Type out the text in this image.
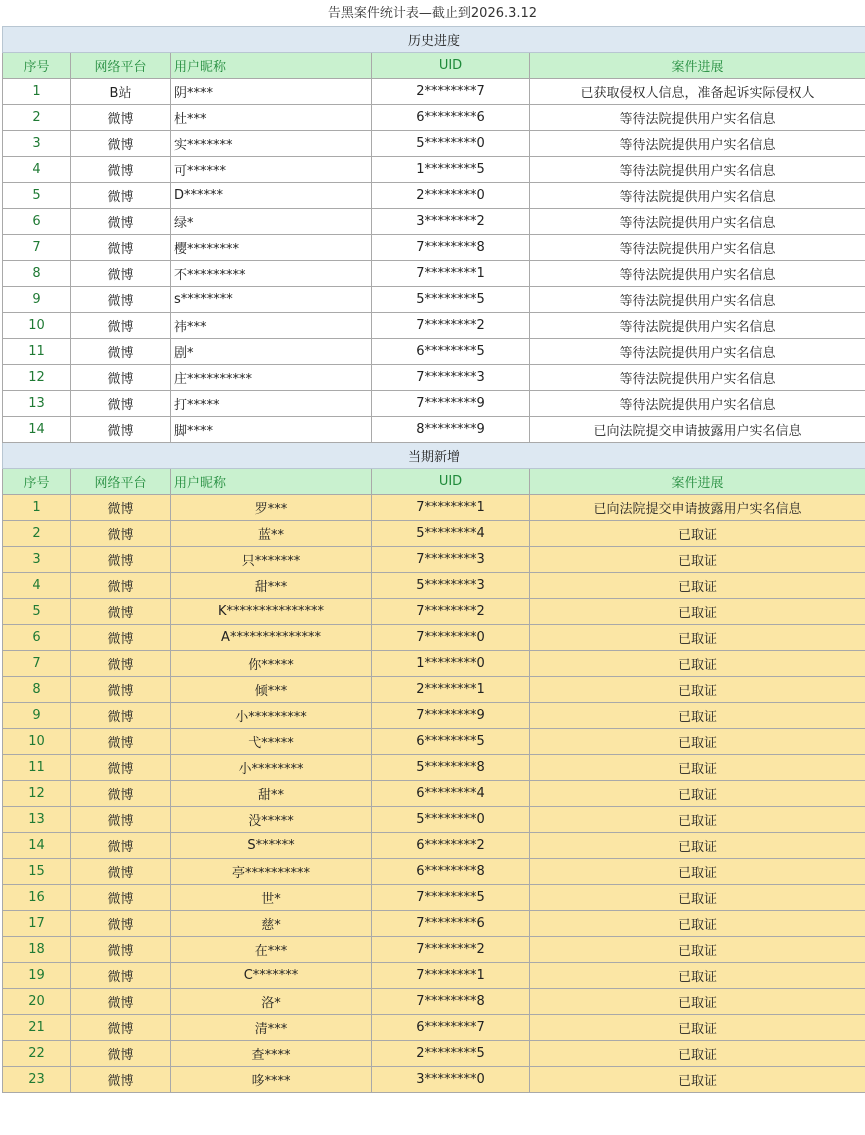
告黑案件统计表—截止到2026.3.12
历史进度				
序号	网络平台	用户昵称	UID	案件进展
1	B站	阴****	2********7	已获取侵权人信息，准备起诉实际侵权人
2	微博	杜***	6********6	等待法院提供用户实名信息
3	微博	实*******	5********0	等待法院提供用户实名信息
4	微博	可******	1********5	等待法院提供用户实名信息
5	微博	D******	2********0	等待法院提供用户实名信息
6	微博	绿*	3********2	等待法院提供用户实名信息
7	微博	樱********	7********8	等待法院提供用户实名信息
8	微博	不*********	7********1	等待法院提供用户实名信息
9	微博	s********	5********5	等待法院提供用户实名信息
10	微博	祎***	7********2	等待法院提供用户实名信息
11	微博	剧*	6********5	等待法院提供用户实名信息
12	微博	庄**********	7********3	等待法院提供用户实名信息
13	微博	打*****	7********9	等待法院提供用户实名信息
14	微博	脚****	8********9	已向法院提交申请披露用户实名信息
当期新增				
序号	网络平台	用户昵称	UID	案件进展
1	微博	罗***	7********1	已向法院提交申请披露用户实名信息
2	微博	蓝**	5********4	已取证
3	微博	只*******	7********3	已取证
4	微博	甜***	5********3	已取证
5	微博	K***************	7********2	已取证
6	微博	A**************	7********0	已取证
7	微博	你*****	1********0	已取证
8	微博	倾***	2********1	已取证
9	微博	小*********	7********9	已取证
10	微博	弋*****	6********5	已取证
11	微博	小********	5********8	已取证
12	微博	甜**	6********4	已取证
13	微博	没*****	5********0	已取证
14	微博	S******	6********2	已取证
15	微博	亭**********	6********8	已取证
16	微博	世*	7********5	已取证
17	微博	慈*	7********6	已取证
18	微博	在***	7********2	已取证
19	微博	C*******	7********1	已取证
20	微博	洛*	7********8	已取证
21	微博	清***	6********7	已取证
22	微博	查****	2********5	已取证
23	微博	哆****	3********0	已取证
